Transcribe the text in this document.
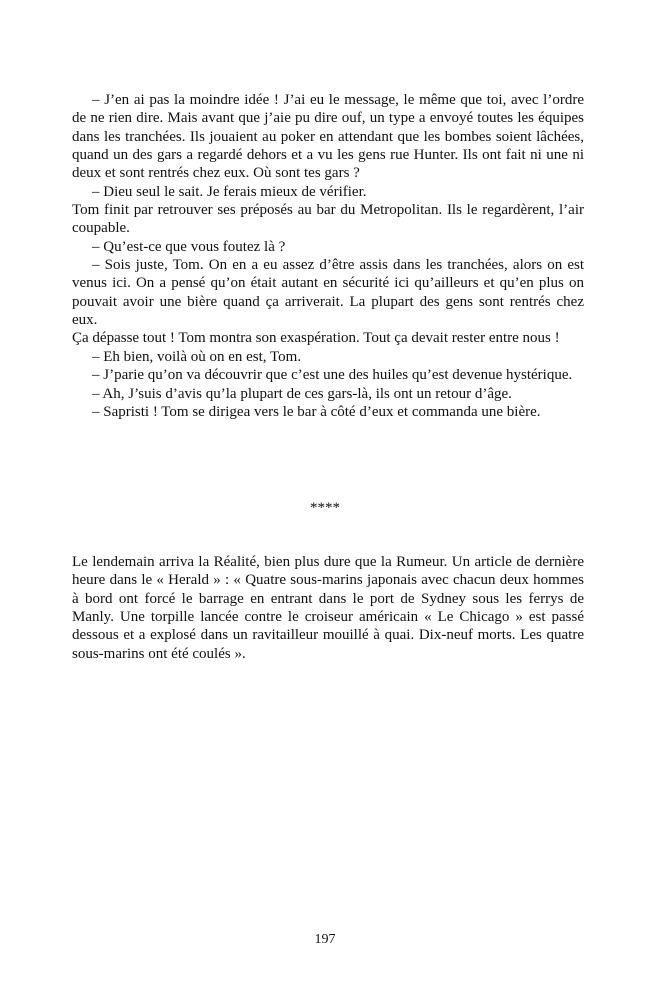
– J’en ai pas la moindre idée ! J’ai eu le message, le même que toi, avec l’ordre de ne rien dire. Mais avant que j’aie pu dire ouf, un type a envoyé toutes les équipes dans les tranchées. Ils jouaient au poker en attendant que les bombes soient lâchées, quand un des gars a regardé dehors et a vu les gens rue Hunter. Ils ont fait ni une ni deux et sont rentrés chez eux. Où sont tes gars ?

– Dieu seul le sait. Je ferais mieux de vérifier.

Tom finit par retrouver ses préposés au bar du Metropolitan. Ils le regardèrent, l’air coupable.

– Qu’est-ce que vous foutez là ?

– Sois juste, Tom. On en a eu assez d’être assis dans les tranchées, alors on est venus ici. On a pensé qu’on était autant en sécurité ici qu’ailleurs et qu’en plus on pouvait avoir une bière quand ça arriverait. La plupart des gens sont rentrés chez eux.

Ça dépasse tout ! Tom montra son exaspération. Tout ça devait rester entre nous !

– Eh bien, voilà où on en est, Tom.

– J’parie qu’on va découvrir que c’est une des huiles qu’est devenue hystérique.

– Ah, J’suis d’avis qu’la plupart de ces gars-là, ils ont un retour d’âge.

– Sapristi ! Tom se dirigea vers le bar à côté d’eux et commanda une bière.

****

Le lendemain arriva la Réalité, bien plus dure que la Rumeur. Un article de dernière heure dans le « Herald » : « Quatre sous-marins japonais avec chacun deux hommes à bord ont forcé le barrage en entrant dans le port de Sydney sous les ferrys de Manly. Une torpille lancée contre le croiseur américain « Le Chicago » est passé dessous et a explosé dans un ravitailleur mouillé à quai. Dix-neuf morts. Les quatre sous-marins ont été coulés ».

197
